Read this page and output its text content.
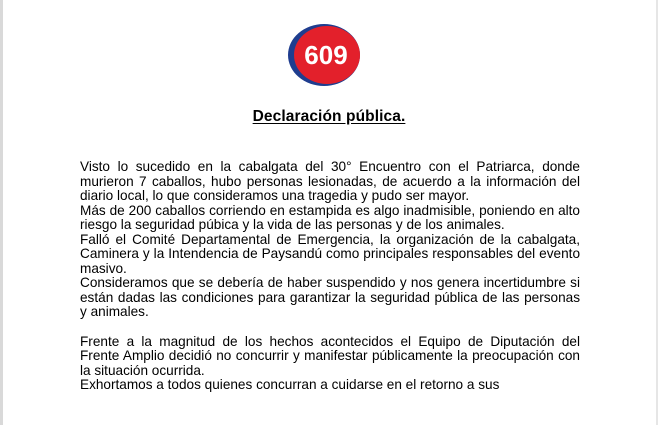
609
Declaración pública.

Visto lo sucedido en la cabalgata del 30° Encuentro con el Patriarca, donde murieron 7 caballos, hubo personas lesionadas, de acuerdo a la información del diario local, lo que consideramos una tragedia y pudo ser mayor.

Más de 200 caballos corriendo en estampida es algo inadmisible, poniendo en alto riesgo la seguridad púbica y la vida de las personas y de los animales.

Falló el Comité Departamental de Emergencia, la organización de la cabalgata, Caminera y la Intendencia de Paysandú como principales responsables del evento masivo.

Consideramos que se debería de haber suspendido y nos genera incertidumbre si están dadas las condiciones para garantizar la seguridad pública de las personas y animales.

Frente a la magnitud de los hechos acontecidos el Equipo de Diputación del Frente Amplio decidió no concurrir y manifestar públicamente la preocupación con la situación ocurrida.

Exhortamos a todos quienes concurran a cuidarse en el retorno a sus
